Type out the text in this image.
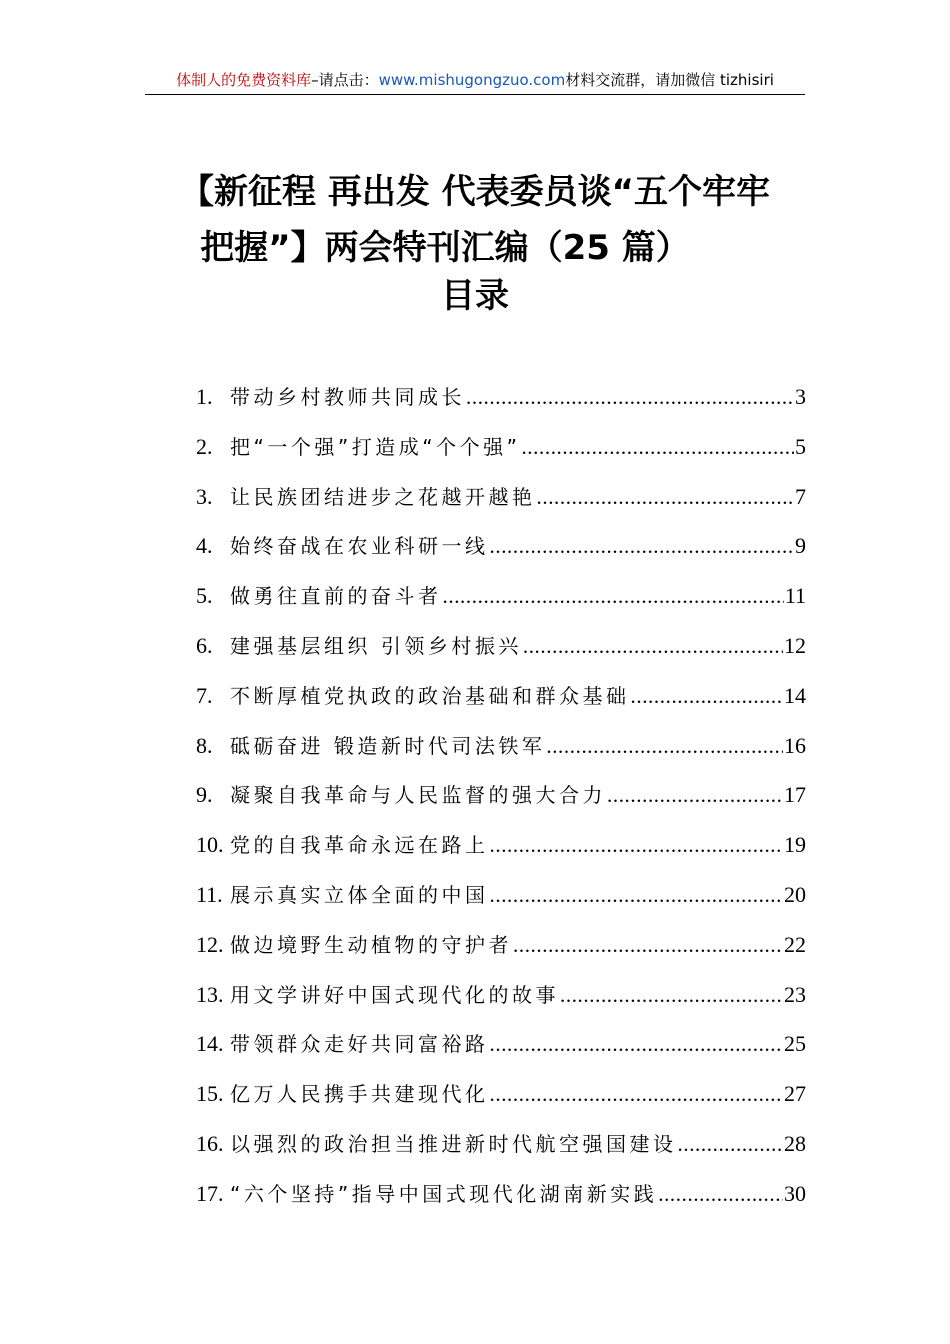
体制人的免费资料库–请点击：www.mishugongzuo.com材料交流群，请加微信 tizhisiri
【新征程 再出发 代表委员谈“五个牢牢
把握”】两会特刊汇编（25 篇）
目录
1. 带动乡村教师共同成长 .....	3
2. 把“一个强”打造成“个个强” .....	5
3. 让民族团结进步之花越开越艳 .....	7
4. 始终奋战在农业科研一线 .....	9
5. 做勇往直前的奋斗者 .....	11
6. 建强基层组织 引领乡村振兴 .....	12
7. 不断厚植党执政的政治基础和群众基础 .....	14
8. 砥砺奋进 锻造新时代司法铁军 .....	16
9. 凝聚自我革命与人民监督的强大合力 .....	17
10. 党的自我革命永远在路上 .....	19
11. 展示真实立体全面的中国 .....	20
12. 做边境野生动植物的守护者 .....	22
13. 用文学讲好中国式现代化的故事 .....	23
14. 带领群众走好共同富裕路 .....	25
15. 亿万人民携手共建现代化 .....	27
16. 以强烈的政治担当推进新时代航空强国建设 .....	28
17. “六个坚持”指导中国式现代化湖南新实践 .....	30
